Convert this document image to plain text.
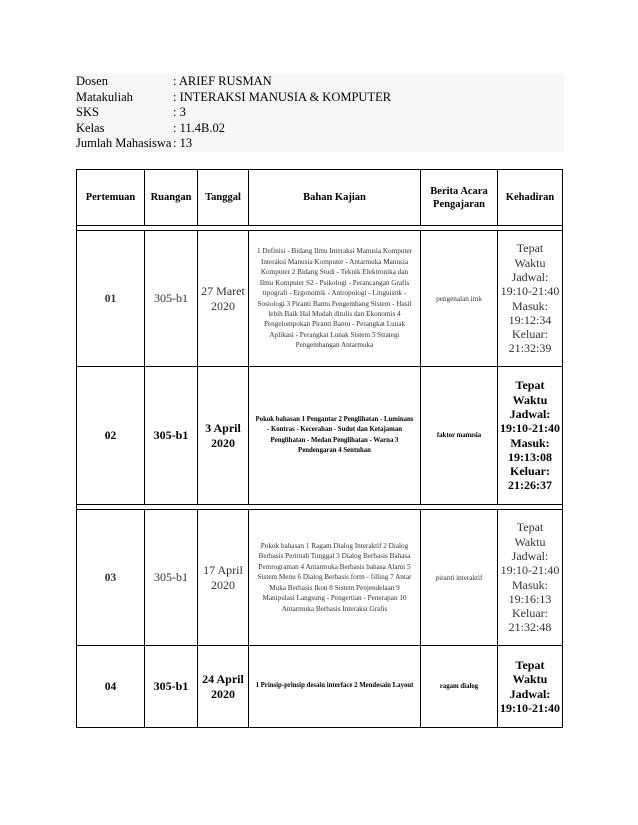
Dosen	: ARIEF RUSMAN
Matakuliah	: INTERAKSI MANUSIA & KOMPUTER
SKS	: 3
Kelas	: 11.4B.02
Jumlah Mahasiswa : 13
Pertemuan	Ruangan	Tanggal	Bahan Kajian	Berita Acara Pengajaran	Kehadiran

01	305-b1	27 Maret 2020	1 Definisi - Bidang Ilmu Interaksi Manusia Komputer Interaksi Manusia Komputer - Antarmuka Manusia Komputer 2 Bidang Studi - Teknik Elektronika dan Ilmu Komputer S2 - Psikologi - Perancangan Grafis tipografi - Ergonomik - Antropologi - Linguistik - Sosiologi 3 Piranti Bantu Pengembang Sistem - Hasil lebih Baik Hal Mudah ditulis dan Ekonomis 4 Pengelompokan Piranti Bantu - Perangkat Lunak Aplikasi - Perangkat Lunak Sistem 5 Strategi Pengembangan Antarmuka	pengenalan imk	Tepat Waktu Jadwal: 19:10-21:40 Masuk: 19:12:34 Keluar: 21:32:39
02	305-b1	3 April 2020	Pokok bahasan 1 Pengantar 2 Penglihatan - Luminans - Kontras - Kecerahan - Sudut dan Ketajaman Penglihatan - Medan Penglihatan - Warna 3 Pendengaran 4 Sentuhan	faktor manusia	Tepat Waktu Jadwal: 19:10-21:40 Masuk: 19:13:08 Keluar: 21:26:37

03	305-b1	17 April 2020	Pokok bahasan 1 Ragam Dialog Interaktif 2 Dialog Berbasis Perintah Tunggal 3 Dialog Berbasis Bahasa Pemrograman 4 Antarmuka Berbasis bahasa Alami 5 Sistem Menu 6 Dialog Berbasis form - filling 7 Antar Muka Berbasis Ikon 8 Sistem Penjendelaan 9 Manipulasi Langsung - Pengertian - Penerapan 10 Antarmuka Berbasis Interaksi Grafis	piranti interaktif	Tepat Waktu Jadwal: 19:10-21:40 Masuk: 19:16:13 Keluar: 21:32:48
04	305-b1	24 April 2020	1 Prinsip-prinsip desain interface 2 Mendesain Layout	ragam dialog	Tepat Waktu Jadwal: 19:10-21:40
